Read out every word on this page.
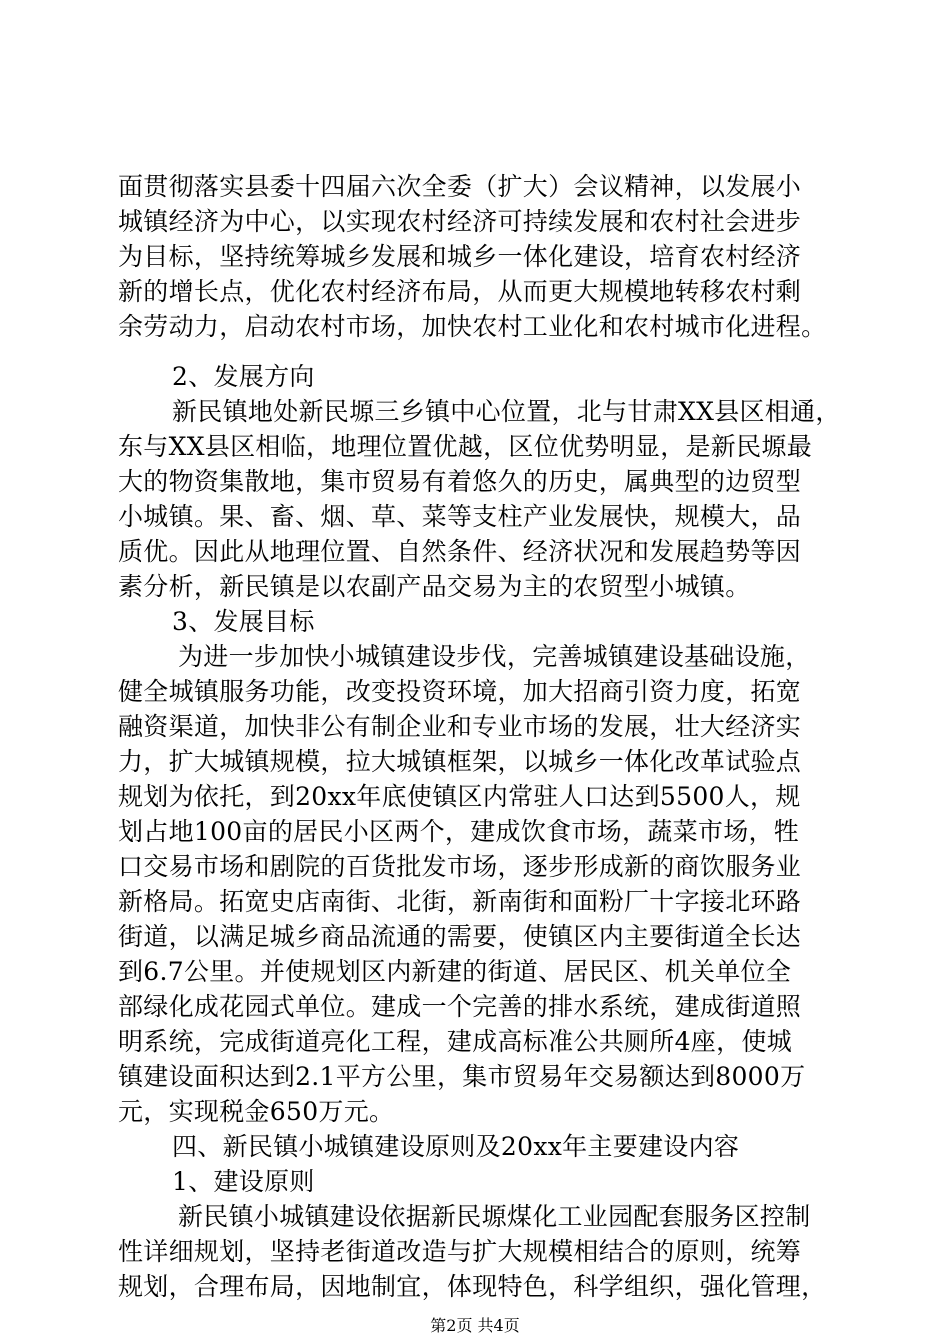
面贯彻落实县委十四届六次全委（扩大）会议精神，以发展小
城镇经济为中心，以实现农村经济可持续发展和农村社会进步
为目标，坚持统筹城乡发展和城乡一体化建设，培育农村经济
新的增长点，优化农村经济布局，从而更大规模地转移农村剩
余劳动力，启动农村市场，加快农村工业化和农村城市化进程。
2、发展方向
新民镇地处新民塬三乡镇中心位置，北与甘肃XX县区相通，
东与XX县区相临，地理位置优越，区位优势明显，是新民塬最
大的物资集散地，集市贸易有着悠久的历史，属典型的边贸型
小城镇。果、畜、烟、草、菜等支柱产业发展快，规模大，品
质优。因此从地理位置、自然条件、经济状况和发展趋势等因
素分析，新民镇是以农副产品交易为主的农贸型小城镇。
3、发展目标
为进一步加快小城镇建设步伐，完善城镇建设基础设施，
健全城镇服务功能，改变投资环境，加大招商引资力度，拓宽
融资渠道，加快非公有制企业和专业市场的发展，壮大经济实
力，扩大城镇规模，拉大城镇框架，以城乡一体化改革试验点
规划为依托，到20xx年底使镇区内常驻人口达到5500人，规
划占地100亩的居民小区两个，建成饮食市场，蔬菜市场，牲
口交易市场和剧院的百货批发市场，逐步形成新的商饮服务业
新格局。拓宽史店南街、北街，新南街和面粉厂十字接北环路
街道，以满足城乡商品流通的需要，使镇区内主要街道全长达
到6.7公里。并使规划区内新建的街道、居民区、机关单位全
部绿化成花园式单位。建成一个完善的排水系统，建成街道照
明系统，完成街道亮化工程，建成高标准公共厕所4座，使城
镇建设面积达到2.1平方公里，集市贸易年交易额达到8000万
元，实现税金650万元。
四、新民镇小城镇建设原则及20xx年主要建设内容
1、建设原则
新民镇小城镇建设依据新民塬煤化工业园配套服务区控制
性详细规划，坚持老街道改造与扩大规模相结合的原则，统筹
规划，合理布局，因地制宜，体现特色，科学组织，强化管理，
第2页 共4页
